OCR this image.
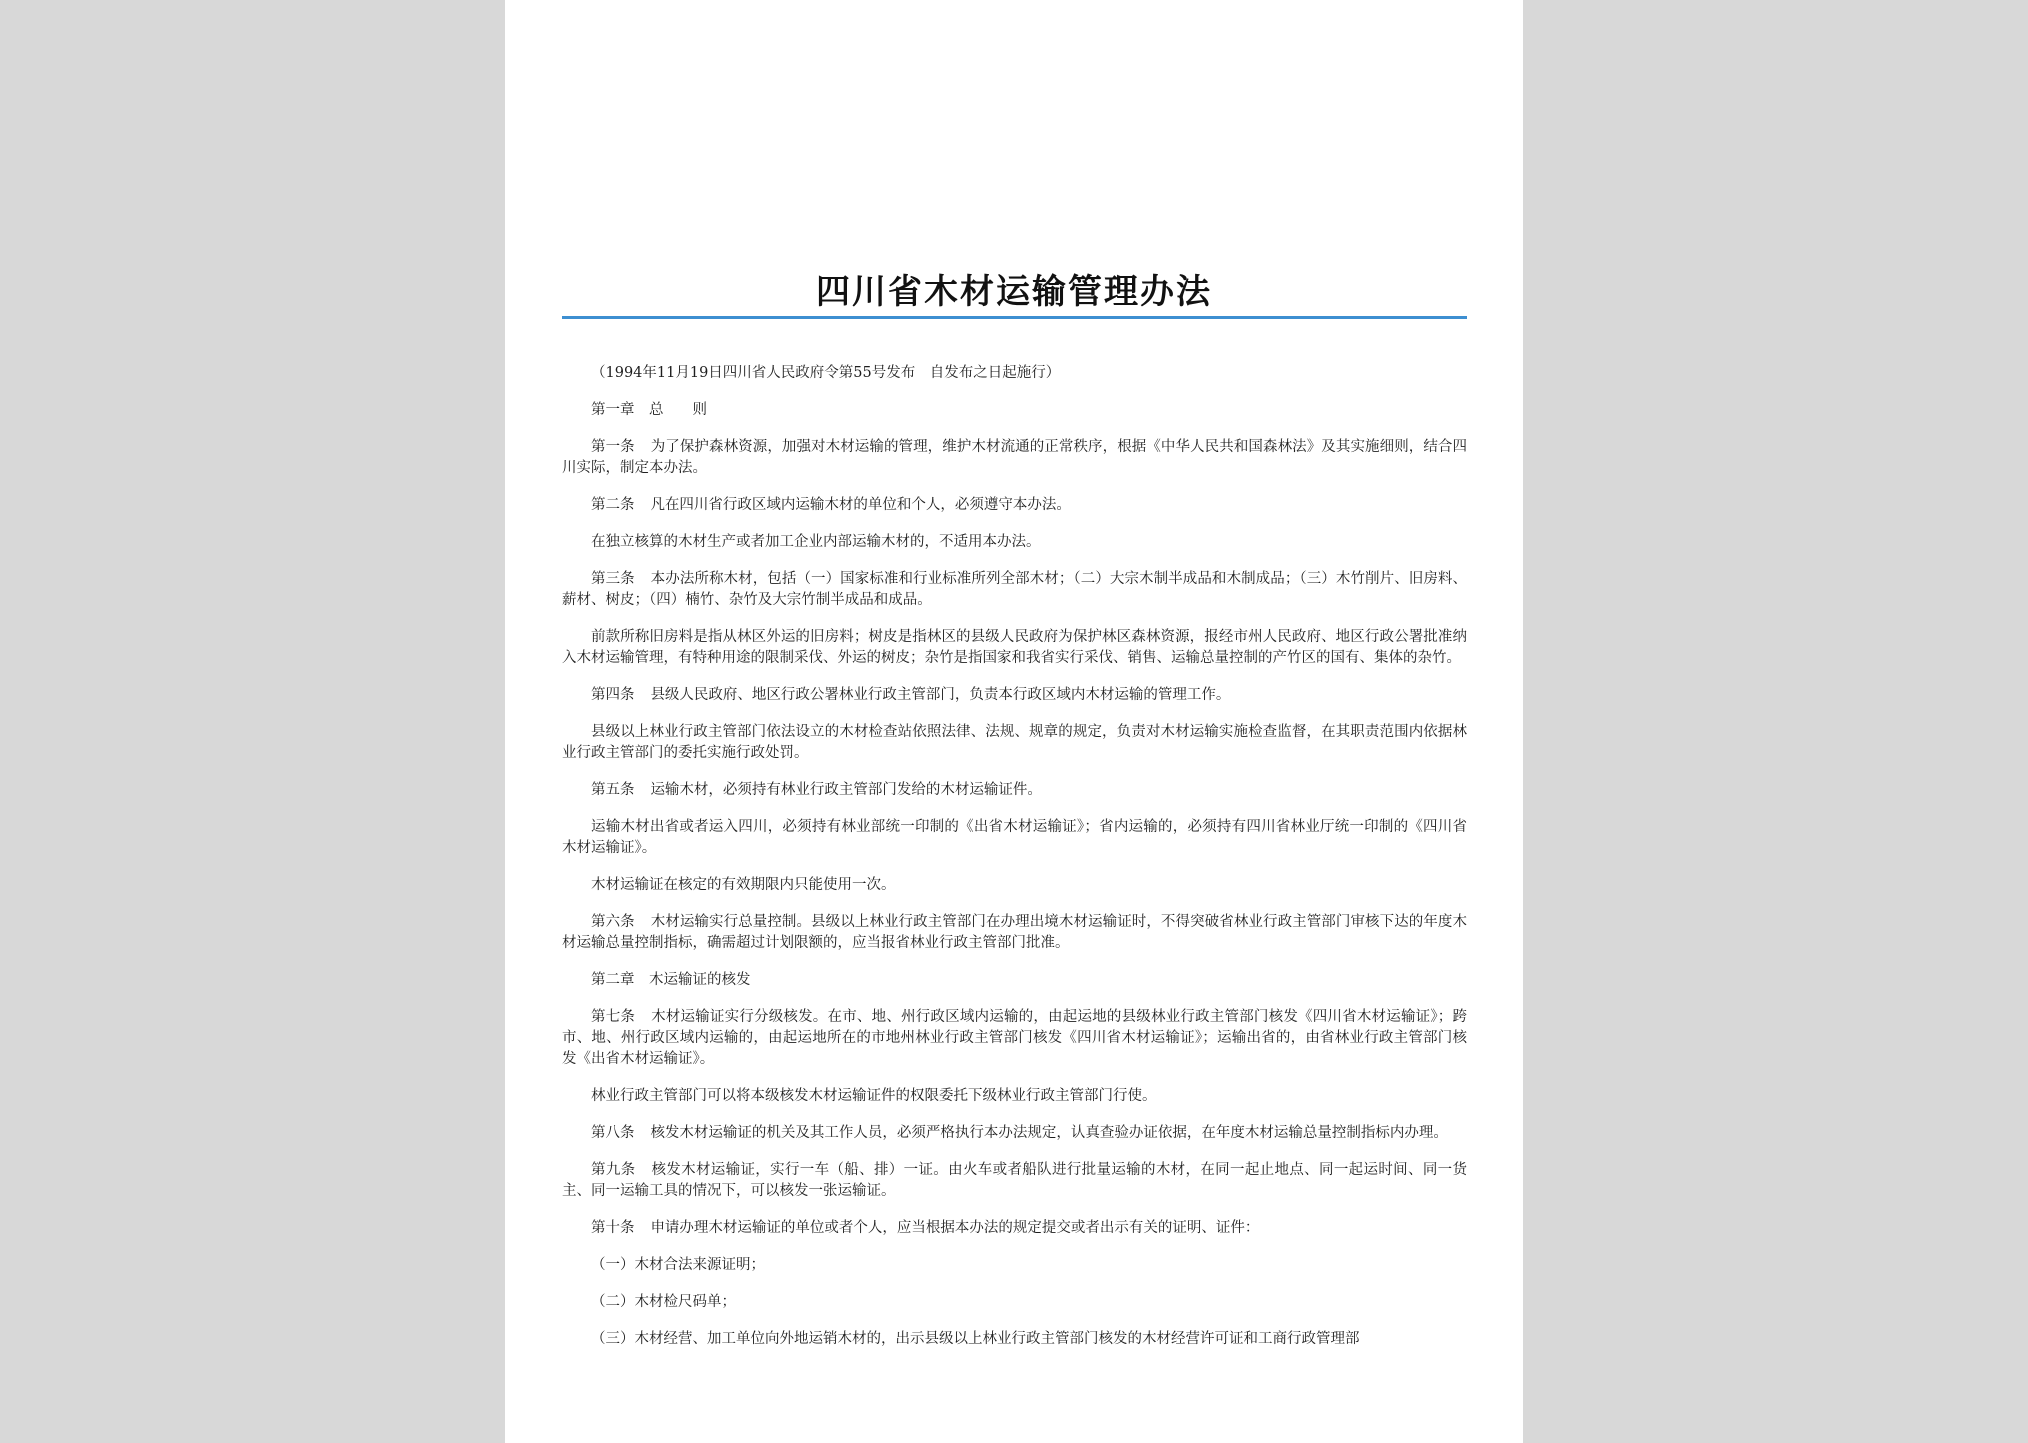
四川省木材运输管理办法

（1994年11月19日四川省人民政府令第55号发布　自发布之日起施行）

第一章　总　　则

第一条 为了保护森林资源，加强对木材运输的管理，维护木材流通的正常秩序，根据《中华人民共和国森林法》及其实施细则，结合四川实际，制定本办法。

第二条 凡在四川省行政区域内运输木材的单位和个人，必须遵守本办法。

在独立核算的木材生产或者加工企业内部运输木材的，不适用本办法。

第三条 本办法所称木材，包括（一）国家标准和行业标准所列全部木材；（二）大宗木制半成品和木制成品；（三）木竹削片、旧房料、薪材、树皮；（四）楠竹、杂竹及大宗竹制半成品和成品。

前款所称旧房料是指从林区外运的旧房料；树皮是指林区的县级人民政府为保护林区森林资源，报经市州人民政府、地区行政公署批准纳入木材运输管理，有特种用途的限制采伐、外运的树皮；杂竹是指国家和我省实行采伐、销售、运输总量控制的产竹区的国有、集体的杂竹。

第四条 县级人民政府、地区行政公署林业行政主管部门，负责本行政区域内木材运输的管理工作。

县级以上林业行政主管部门依法设立的木材检查站依照法律、法规、规章的规定，负责对木材运输实施检查监督，在其职责范围内依据林业行政主管部门的委托实施行政处罚。

第五条 运输木材，必须持有林业行政主管部门发给的木材运输证件。

运输木材出省或者运入四川，必须持有林业部统一印制的《出省木材运输证》；省内运输的，必须持有四川省林业厅统一印制的《四川省木材运输证》。

木材运输证在核定的有效期限内只能使用一次。

第六条 木材运输实行总量控制。县级以上林业行政主管部门在办理出境木材运输证时，不得突破省林业行政主管部门审核下达的年度木材运输总量控制指标，确需超过计划限额的，应当报省林业行政主管部门批准。

第二章　木运输证的核发

第七条 木材运输证实行分级核发。在市、地、州行政区域内运输的，由起运地的县级林业行政主管部门核发《四川省木材运输证》；跨市、地、州行政区域内运输的，由起运地所在的市地州林业行政主管部门核发《四川省木材运输证》；运输出省的，由省林业行政主管部门核发《出省木材运输证》。

林业行政主管部门可以将本级核发木材运输证件的权限委托下级林业行政主管部门行使。

第八条 核发木材运输证的机关及其工作人员，必须严格执行本办法规定，认真查验办证依据，在年度木材运输总量控制指标内办理。

第九条 核发木材运输证，实行一车（船、排）一证。由火车或者船队进行批量运输的木材，在同一起止地点、同一起运时间、同一货主、同一运输工具的情况下，可以核发一张运输证。

第十条 申请办理木材运输证的单位或者个人，应当根据本办法的规定提交或者出示有关的证明、证件：

（一）木材合法来源证明；

（二）木材检尺码单；

（三）木材经营、加工单位向外地运销木材的，出示县级以上林业行政主管部门核发的木材经营许可证和工商行政管理部
